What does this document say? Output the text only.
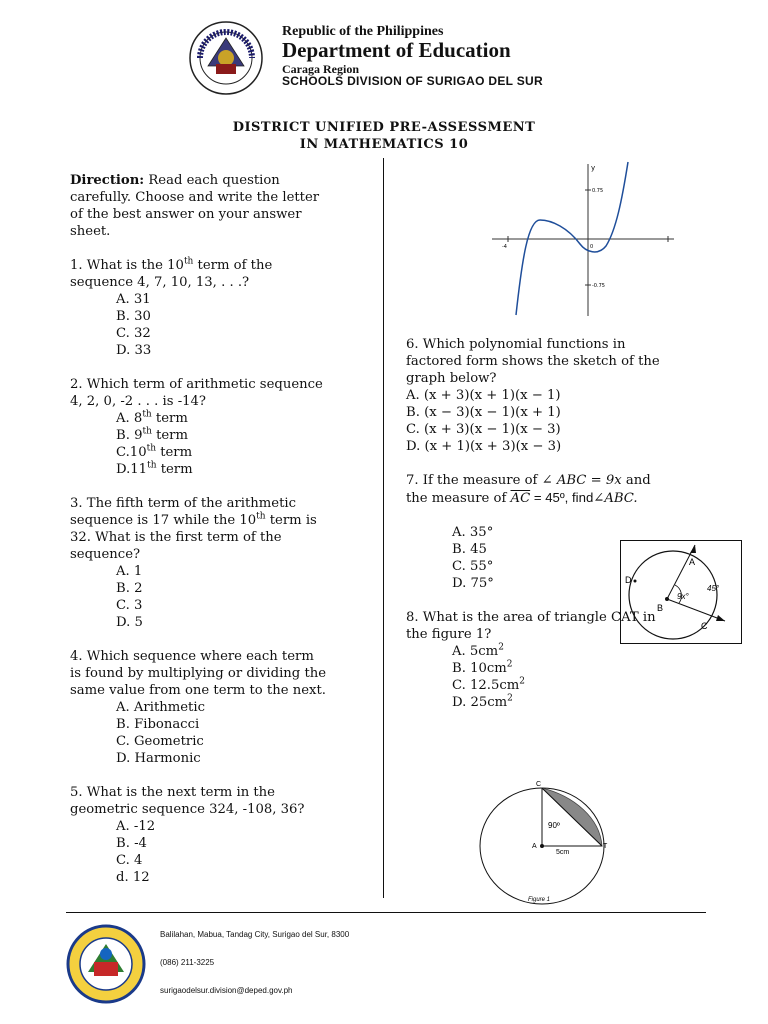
Republic of the Philippines
Department of Education
Caraga Region
SCHOOLS DIVISION OF SURIGAO DEL SUR
DISTRICT UNIFIED PRE-ASSESSMENT
IN MATHEMATICS 10

Direction: Read each question

carefully. Choose and write the letter

of the best answer on your answer

sheet.

1. What is the 10th term of the

sequence 4, 7, 10, 13, . . .?

A. 31

B. 30

C. 32

D. 33

2. Which term of arithmetic sequence

4, 2, 0, -2 . . . is -14?

A. 8th term

B. 9th term

C.10th term

D.11th term

3. The fifth term of the arithmetic

sequence is 17 while the 10th term is

32. What is the first term of the

sequence?

A. 1

B. 2

C. 3

D. 5

4. Which sequence where each term

is found by multiplying or dividing the

same value from one term to the next.

A. Arithmetic

B. Fibonacci

C. Geometric

D. Harmonic

5. What is the next term in the

geometric sequence 324, -108, 36?

A. -12

B. -4

C. 4

d. 12

y
0.75
-0.75
-4	0

6. Which polynomial functions in

factored form shows the sketch of the

graph below?

A. (x + 3)(x + 1)(x − 1)

B. (x − 3)(x − 1)(x + 1)

C. (x + 3)(x − 1)(x − 3)

D. (x + 1)(x + 3)(x − 3)

7. If the measure of ∠ ABC = 9x and

the measure of $\overline{AC}$ = 45º, find∠ABC.

A. 35°

B. 45

C. 55°

D. 75°

8. What is the area of triangle CAT in

the figure 1?

A. $5cm^2$

B. $10cm^2$

C. $12.5cm^2$

D. $25cm^2$

A
B
C
D
9x°
45°
C
A	T
90º
5cm
Figure 1
Balilahan, Mabua, Tandag City, Surigao del Sur, 8300
(086) 211-3225
surigaodelsur.division@deped.gov.ph
